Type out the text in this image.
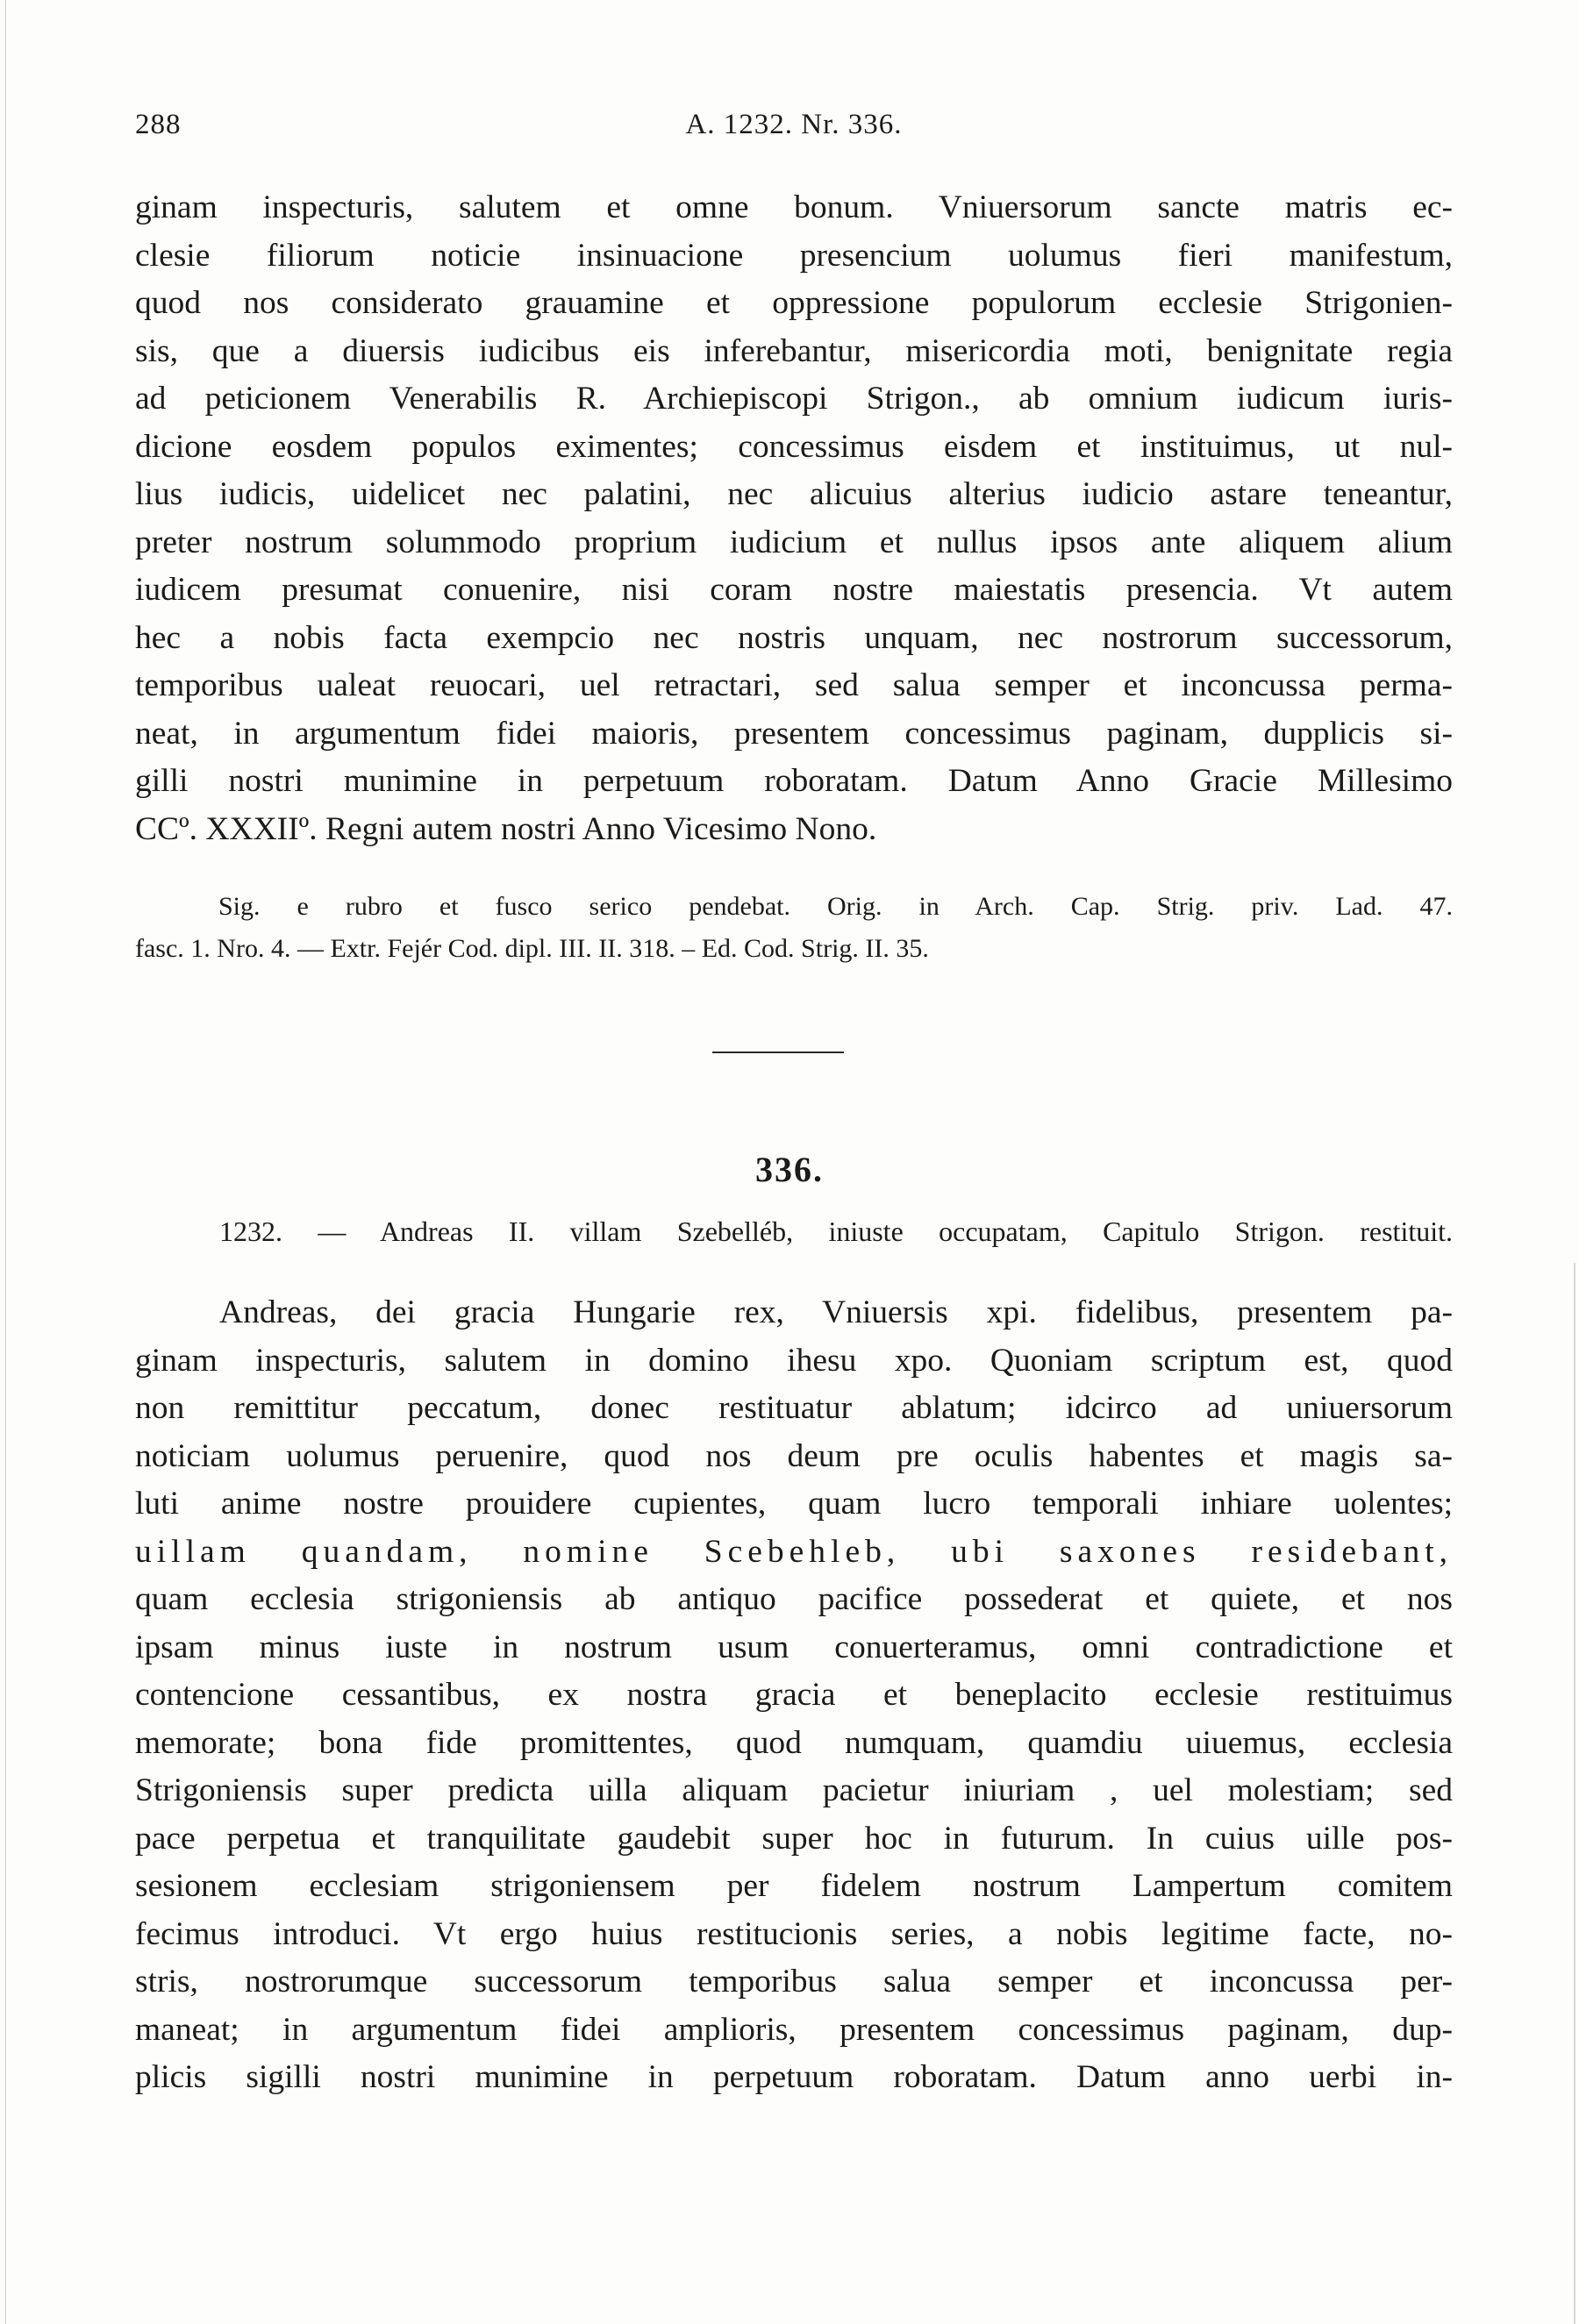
288	A. 1232. Nr. 336.
ginam inspecturis, salutem et omne bonum. Vniuersorum sancte matris ec-
clesie filiorum noticie insinuacione presencium uolumus fieri manifestum,
quod nos considerato grauamine et oppressione populorum ecclesie Strigonien-
sis, que a diuersis iudicibus eis inferebantur, misericordia moti, benignitate regia
ad peticionem Venerabilis R. Archiepiscopi Strigon., ab omnium iudicum iuris-
dicione eosdem populos eximentes; concessimus eisdem et instituimus, ut nul-
lius iudicis, uidelicet nec palatini, nec alicuius alterius iudicio astare teneantur,
preter nostrum solummodo proprium iudicium et nullus ipsos ante aliquem alium
iudicem presumat conuenire, nisi coram nostre maiestatis presencia. Vt autem
hec a nobis facta exempcio nec nostris unquam, nec nostrorum successorum,
temporibus ualeat reuocari, uel retractari, sed salua semper et inconcussa perma-
neat, in argumentum fidei maioris, presentem concessimus paginam, dupplicis si-
gilli nostri munimine in perpetuum roboratam. Datum Anno Gracie Millesimo
CCº. XXXIIº. Regni autem nostri Anno Vicesimo Nono.
Sig. e rubro et fusco serico pendebat. Orig. in Arch. Cap. Strig. priv. Lad. 47.
fasc. 1. Nro. 4. — Extr. Fejér Cod. dipl. III. II. 318. – Ed. Cod. Strig. II. 35.
336.
1232. — Andreas II. villam Szebelléb, iniuste occupatam, Capitulo Strigon. restituit.
Andreas, dei gracia Hungarie rex, Vniuersis xpi. fidelibus, presentem pa-
ginam inspecturis, salutem in domino ihesu xpo. Quoniam scriptum est, quod
non remittitur peccatum, donec restituatur ablatum; idcirco ad uniuersorum
noticiam uolumus peruenire, quod nos deum pre oculis habentes et magis sa-
luti anime nostre prouidere cupientes, quam lucro temporali inhiare uolentes;
uillam quandam, nomine Scebehleb, ubi saxones residebant,
quam ecclesia strigoniensis ab antiquo pacifice possederat et quiete, et nos
ipsam minus iuste in nostrum usum conuerteramus, omni contradictione et
contencione cessantibus, ex nostra gracia et beneplacito ecclesie restituimus
memorate; bona fide promittentes, quod numquam, quamdiu uiuemus, ecclesia
Strigoniensis super predicta uilla aliquam pacietur iniuriam , uel molestiam; sed
pace perpetua et tranquilitate gaudebit super hoc in futurum. In cuius uille pos-
sesionem ecclesiam strigoniensem per fidelem nostrum Lampertum comitem
fecimus introduci. Vt ergo huius restitucionis series, a nobis legitime facte, no-
stris, nostrorumque successorum temporibus salua semper et inconcussa per-
maneat; in argumentum fidei amplioris, presentem concessimus paginam, dup-
plicis sigilli nostri munimine in perpetuum roboratam. Datum anno uerbi in-
